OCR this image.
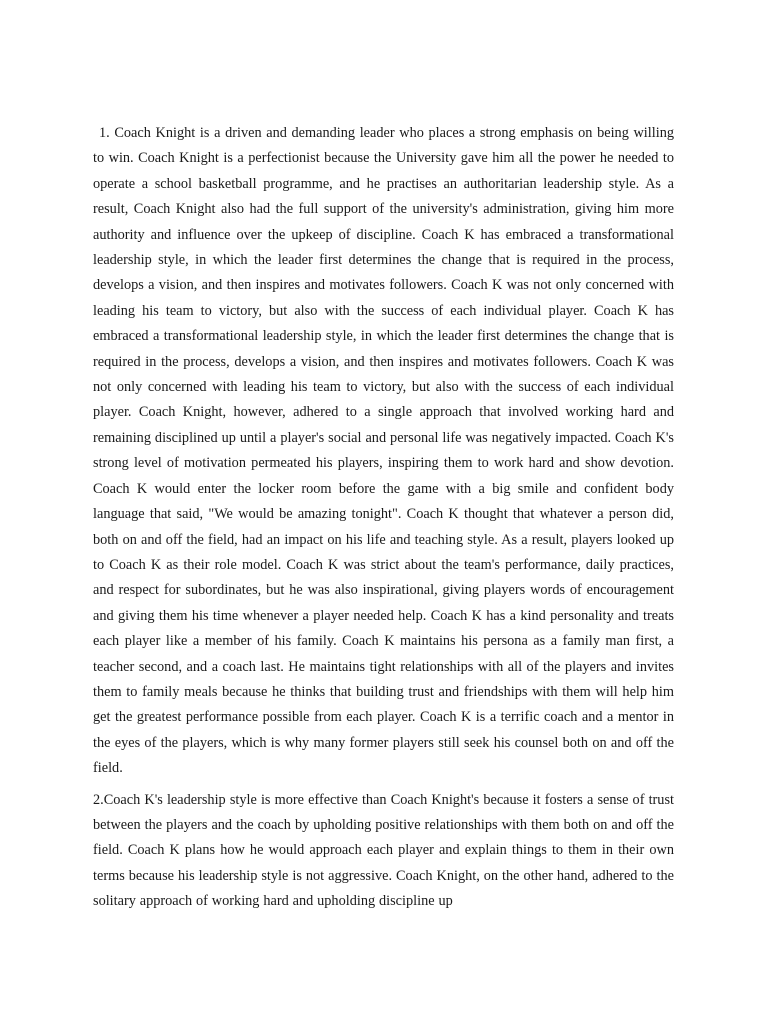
1. Coach Knight is a driven and demanding leader who places a strong emphasis on being willing to win. Coach Knight is a perfectionist because the University gave him all the power he needed to operate a school basketball programme, and he practises an authoritarian leadership style. As a result, Coach Knight also had the full support of the university's administration, giving him more authority and influence over the upkeep of discipline. Coach K has embraced a transformational leadership style, in which the leader first determines the change that is required in the process, develops a vision, and then inspires and motivates followers. Coach K was not only concerned with leading his team to victory, but also with the success of each individual player. Coach K has embraced a transformational leadership style, in which the leader first determines the change that is required in the process, develops a vision, and then inspires and motivates followers. Coach K was not only concerned with leading his team to victory, but also with the success of each individual player. Coach Knight, however, adhered to a single approach that involved working hard and remaining disciplined up until a player's social and personal life was negatively impacted. Coach K's strong level of motivation permeated his players, inspiring them to work hard and show devotion. Coach K would enter the locker room before the game with a big smile and confident body language that said, "We would be amazing tonight". Coach K thought that whatever a person did, both on and off the field, had an impact on his life and teaching style. As a result, players looked up to Coach K as their role model. Coach K was strict about the team's performance, daily practices, and respect for subordinates, but he was also inspirational, giving players words of encouragement and giving them his time whenever a player needed help. Coach K has a kind personality and treats each player like a member of his family. Coach K maintains his persona as a family man first, a teacher second, and a coach last. He maintains tight relationships with all of the players and invites them to family meals because he thinks that building trust and friendships with them will help him get the greatest performance possible from each player. Coach K is a terrific coach and a mentor in the eyes of the players, which is why many former players still seek his counsel both on and off the field.

2.Coach K's leadership style is more effective than Coach Knight's because it fosters a sense of trust between the players and the coach by upholding positive relationships with them both on and off the field. Coach K plans how he would approach each player and explain things to them in their own terms because his leadership style is not aggressive. Coach Knight, on the other hand, adhered to the solitary approach of working hard and upholding discipline up
